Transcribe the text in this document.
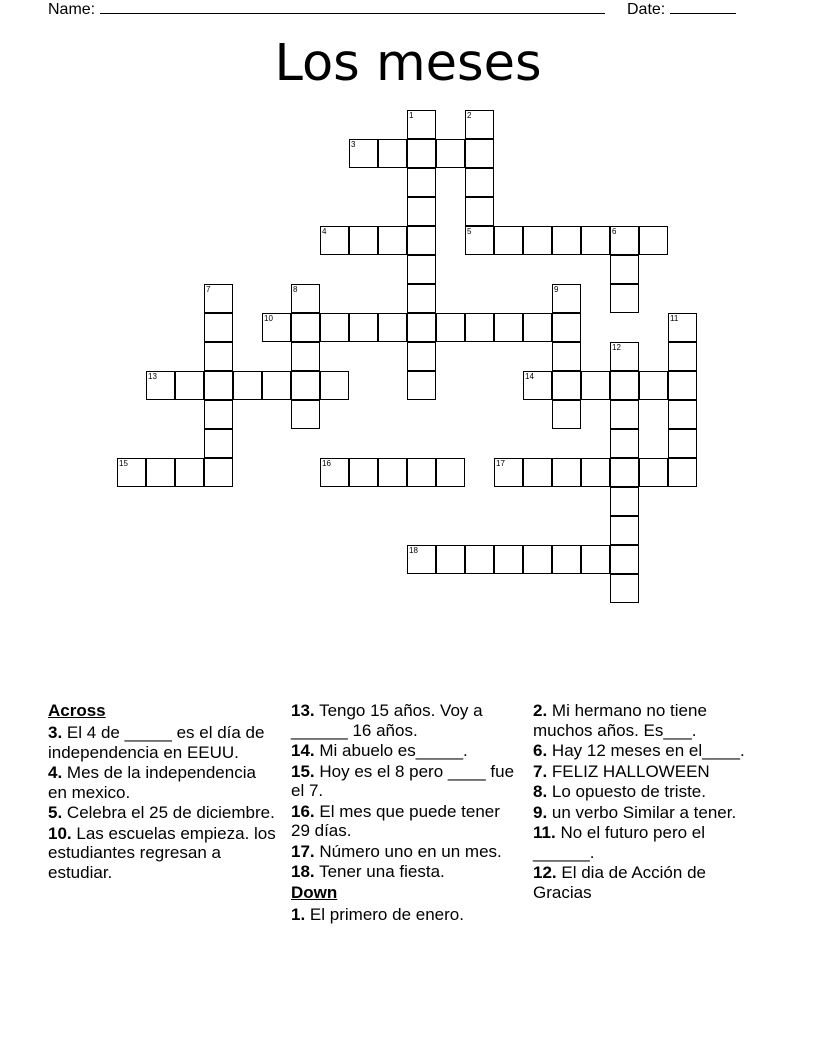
Name:	Date:
Los meses
1	2
5
3
4	6
7	8	9
10	11
12
13	14
15	16	17
18
Across
3. El 4 de _____ es el día de independencia en EEUU.
4. Mes de la independencia en mexico.
5. Celebra el 25 de diciembre.
10. Las escuelas empieza. los estudiantes regresan a estudiar.
13. Tengo 15 años. Voy a ______ 16 años.
14. Mi abuelo es_____.
15. Hoy es el 8 pero ____ fue el 7.
16. El mes que puede tener 29 días.
17. Número uno en un mes.
18. Tener una fiesta.
Down
1. El primero de enero.
2. Mi hermano no tiene muchos años. Es___.
6. Hay 12 meses en el____.
7. FELIZ HALLOWEEN
8. Lo opuesto de triste.
9. un verbo Similar a tener.
11. No el futuro pero el ______.
12. El dia de Acción de Gracias
